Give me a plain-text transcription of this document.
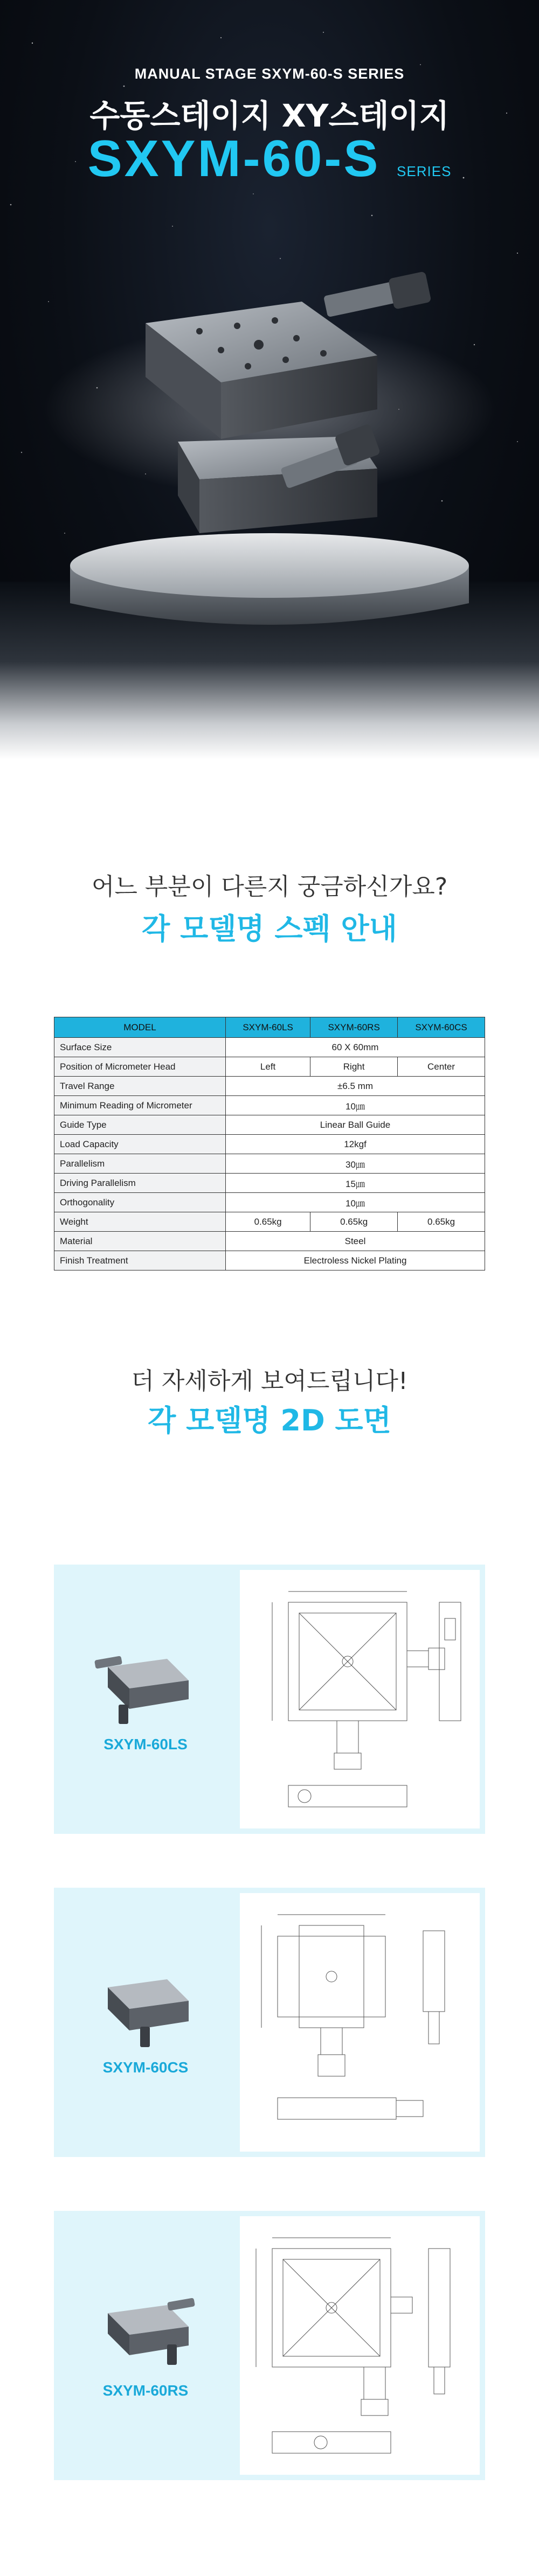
MANUAL STAGE SXYM-60-S SERIES
수동스테이지 XY스테이지
SXYM-60-S SERIES
어느 부분이 다른지 궁금하신가요?
각 모델명 스펙 안내
MODEL	SXYM-60LS	SXYM-60RS	SXYM-60CS
Surface Size	60 X 60mm		
Position of Micrometer Head	Left	Right	Center
Travel Range	±6.5 mm		
Minimum Reading of Micrometer	10㎛		
Guide Type	Linear Ball Guide		
Load Capacity	12kgf		
Parallelism	30㎛		
Driving Parallelism	15㎛		
Orthogonality	10㎛		
Weight	0.65kg	0.65kg	0.65kg
Material	Steel		
Finish Treatment	Electroless Nickel Plating		
더 자세하게 보여드립니다!
각 모델명 2D 도면
SXYM-60LS
SXYM-60CS
SXYM-60RS
